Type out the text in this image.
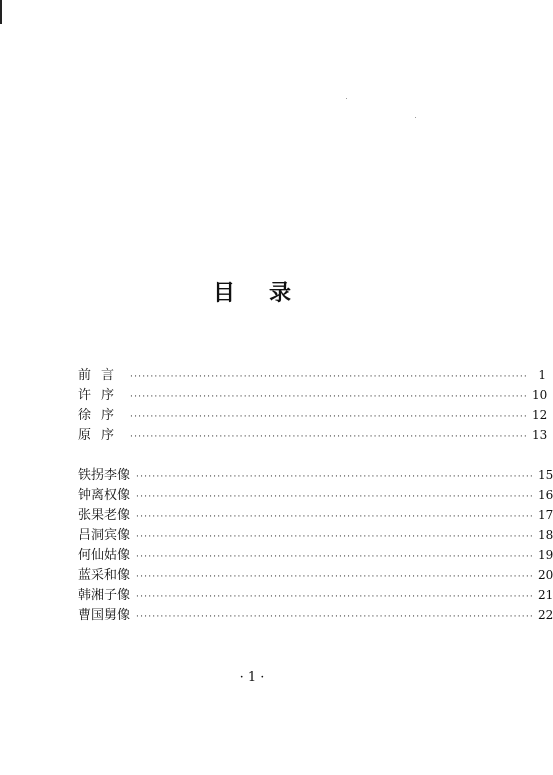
目 录
前言 ·································································································· 1
许序 ·································································································· 10
徐序 ·································································································· 12
原序 ·································································································· 13
铁拐李像 ·································································································· 15
钟离权像 ·································································································· 16
张果老像 ·································································································· 17
吕洞宾像 ·································································································· 18
何仙姑像 ·································································································· 19
蓝采和像 ·································································································· 20
韩湘子像 ·································································································· 21
曹国舅像 ·································································································· 22
· 1 ·
